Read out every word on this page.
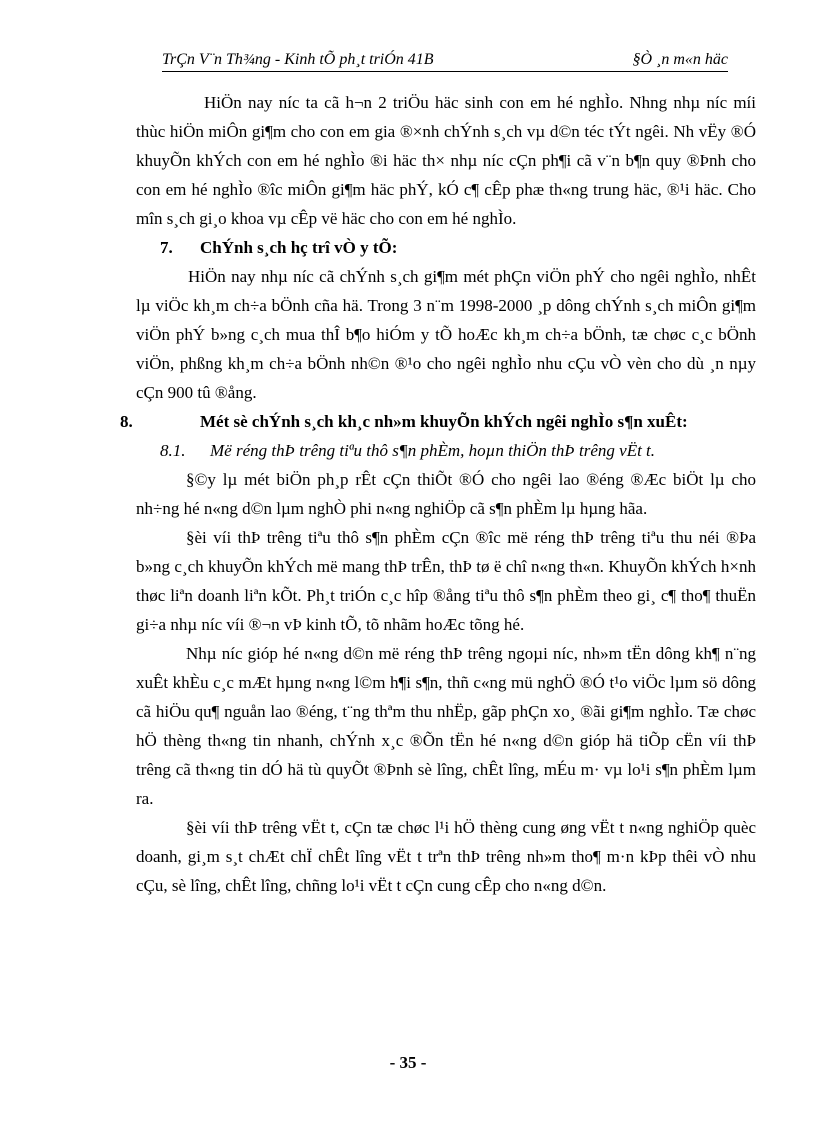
TrÇn V¨n Th¾ng - Kinh tÕ ph¸t triÓn 41B	§Ò ¸n m«n häc

HiÖn nay níc ta cã h¬n 2 triÖu häc sinh con em hé nghÌo. Nhng nhµ níc míi thùc hiÖn miÔn gi¶m cho con em gia ®×nh chÝnh s¸ch vµ d©n téc tÝt ngêi. Nh vËy ®Ó khuyÕn khÝch con em hé nghÌo ®i häc th× nhµ níc cÇn ph¶i cã v¨n b¶n quy ®Þnh cho con em hé nghÌo ®îc miÔn gi¶m häc phÝ, kÓ c¶ cÊp phæ th«ng trung häc, ®¹i häc. Cho mîn s¸ch gi¸o khoa vµ cÊp vë häc cho con em hé nghÌo.

7. ChÝnh s¸ch hç trî vÒ y tÕ:

HiÖn nay nhµ níc cã chÝnh s¸ch gi¶m mét phÇn viÖn phÝ cho ngêi nghÌo, nhÊt lµ viÖc kh¸m ch÷a bÖnh cña hä. Trong 3 n¨m 1998-2000 ¸p dông chÝnh s¸ch miÔn gi¶m viÖn phÝ b»ng c¸ch mua thÎ b¶o hiÓm y tÕ hoÆc kh¸m ch÷a bÖnh, tæ chøc c¸c bÖnh viÖn, phßng kh¸m ch÷a bÖnh nh©n ®¹o cho ngêi nghÌo nhu cÇu vÒ vèn cho dù ¸n nµy cÇn 900 tû ®ång.

8.	Mét sè chÝnh s¸ch kh¸c nh»m khuyÕn khÝch ngêi nghÌo s¶n xuÊt:
8.1. Më réng thÞ trêng tiªu thô s¶n phÈm, hoµn thiÖn thÞ trêng vËt t.

§©y lµ mét biÖn ph¸p rÊt cÇn thiÕt ®Ó cho ngêi lao ®éng ®Æc biÖt lµ cho nh÷ng hé n«ng d©n lµm nghÒ phi n«ng nghiÖp cã s¶n phÈm lµ hµng hãa.

§èi víi thÞ trêng tiªu thô s¶n phÈm cÇn ®îc më réng thÞ trêng tiªu thu néi ®Þa b»ng c¸ch khuyÕn khÝch më mang thÞ trÊn, thÞ tø ë chî n«ng th«n. KhuyÕn khÝch h×nh thøc liªn doanh liªn kÕt. Ph¸t triÓn c¸c hîp ®ång tiªu thô s¶n phÈm theo gi¸ c¶ tho¶ thuËn gi÷a nhµ níc víi ®¬n vÞ kinh tÕ, tõ nhãm hoÆc tõng hé.

Nhµ níc gióp hé n«ng d©n më réng thÞ trêng ngoµi níc, nh»m tËn dông kh¶ n¨ng xuÊt khÈu c¸c mÆt hµng n«ng l©m h¶i s¶n, thñ c«ng mü nghÖ ®Ó t¹o viÖc lµm sö dông cã hiÖu qu¶ nguån lao ®éng, t¨ng thªm thu nhËp, gãp phÇn xo¸ ®ãi gi¶m nghÌo. Tæ chøc hÖ thèng th«ng tin nhanh, chÝnh x¸c ®Õn tËn hé n«ng d©n gióp hä tiÕp cËn víi thÞ trêng cã th«ng tin dÓ hä tù quyÕt ®Þnh sè lîng, chÊt lîng, mÉu m· vµ lo¹i s¶n phÈm lµm ra.

§èi víi thÞ trêng vËt t, cÇn tæ chøc l¹i hÖ thèng cung øng vËt t n«ng nghiÖp quèc doanh, gi¸m s¸t chÆt chÏ chÊt lîng vËt t trªn thÞ trêng nh»m tho¶ m·n kÞp thêi vÒ nhu cÇu, sè lîng, chÊt lîng, chñng lo¹i vËt t cÇn cung cÊp cho n«ng d©n.

- 35 -
